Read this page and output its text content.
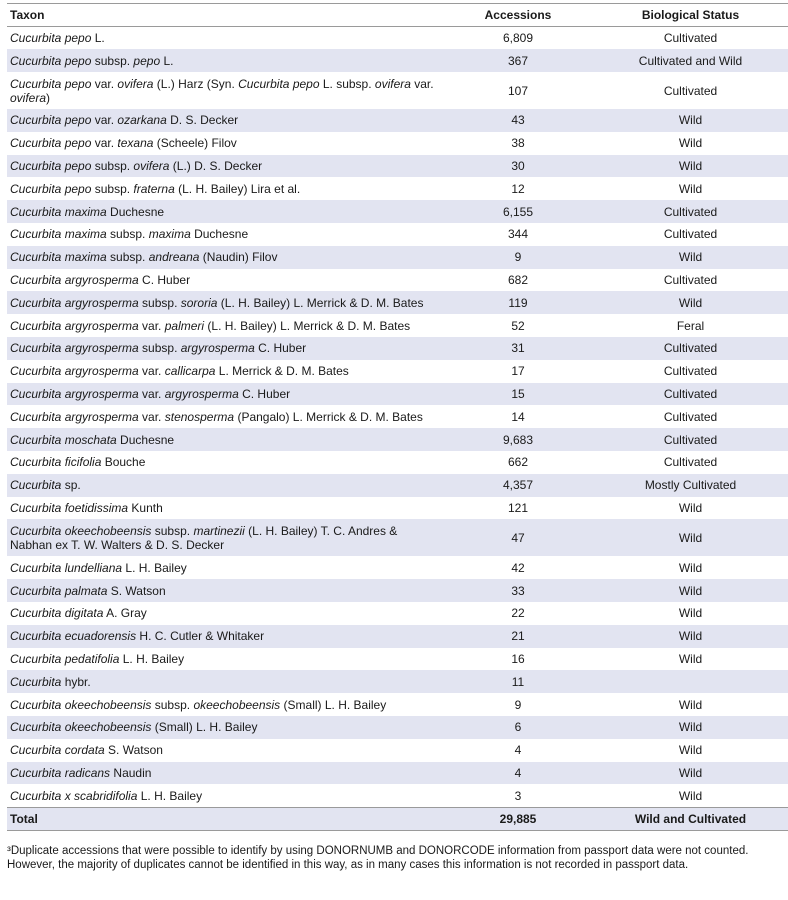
Taxon	Accessions	Biological Status
Cucurbita pepo L.	6,809	Cultivated
Cucurbita pepo subsp. pepo L.	367	Cultivated and Wild
Cucurbita pepo var. ovifera (L.) Harz (Syn. Cucurbita pepo L. subsp. ovifera var. ovifera)	107	Cultivated
Cucurbita pepo var. ozarkana D. S. Decker	43	Wild
Cucurbita pepo var. texana (Scheele) Filov	38	Wild
Cucurbita pepo subsp. ovifera (L.) D. S. Decker	30	Wild
Cucurbita pepo subsp. fraterna (L. H. Bailey) Lira et al.	12	Wild
Cucurbita maxima Duchesne	6,155	Cultivated
Cucurbita maxima subsp. maxima Duchesne	344	Cultivated
Cucurbita maxima subsp. andreana (Naudin) Filov	9	Wild
Cucurbita argyrosperma C. Huber	682	Cultivated
Cucurbita argyrosperma subsp. sororia (L. H. Bailey) L. Merrick & D. M. Bates	119	Wild
Cucurbita argyrosperma var. palmeri (L. H. Bailey) L. Merrick & D. M. Bates	52	Feral
Cucurbita argyrosperma subsp. argyrosperma C. Huber	31	Cultivated
Cucurbita argyrosperma var. callicarpa L. Merrick & D. M. Bates	17	Cultivated
Cucurbita argyrosperma var. argyrosperma C. Huber	15	Cultivated
Cucurbita argyrosperma var. stenosperma (Pangalo) L. Merrick & D. M. Bates	14	Cultivated
Cucurbita moschata Duchesne	9,683	Cultivated
Cucurbita ficifolia Bouche	662	Cultivated
Cucurbita sp.	4,357	Mostly Cultivated
Cucurbita foetidissima Kunth	121	Wild
Cucurbita okeechobeensis subsp. martinezii (L. H. Bailey) T. C. Andres & Nabhan ex T. W. Walters & D. S. Decker	47	Wild
Cucurbita lundelliana L. H. Bailey	42	Wild
Cucurbita palmata S. Watson	33	Wild
Cucurbita digitata A. Gray	22	Wild
Cucurbita ecuadorensis H. C. Cutler & Whitaker	21	Wild
Cucurbita pedatifolia L. H. Bailey	16	Wild
Cucurbita hybr.	11	
Cucurbita okeechobeensis subsp. okeechobeensis (Small) L. H. Bailey	9	Wild
Cucurbita okeechobeensis (Small) L. H. Bailey	6	Wild
Cucurbita cordata S. Watson	4	Wild
Cucurbita radicans Naudin	4	Wild
Cucurbita x scabridifolia L. H. Bailey	3	Wild
Total	29,885	Wild and Cultivated
³Duplicate accessions that were possible to identify by using DONORNUMB and DONORCODE information from passport data were not counted. However, the majority of duplicates cannot be identified in this way, as in many cases this information is not recorded in passport data.
